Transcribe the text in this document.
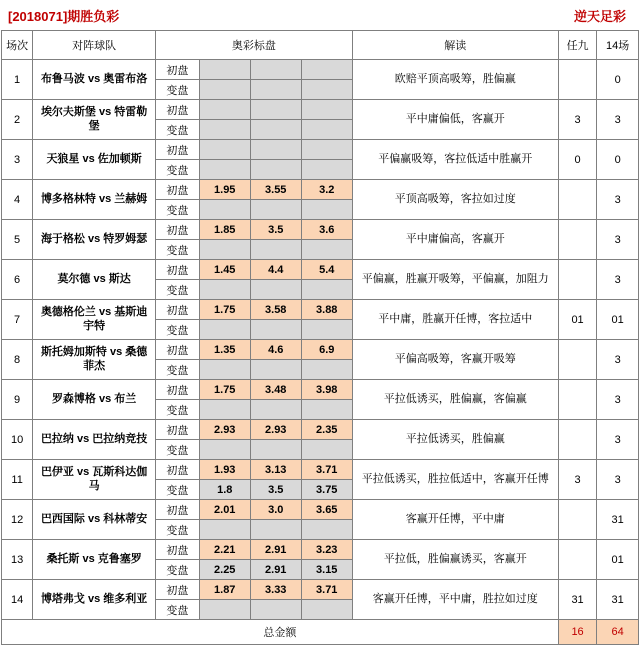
[2018071]期胜负彩	逆天足彩
场次	对阵球队	奥彩标盘				解读	任九	14场
1	布鲁马波 vs 奥雷布洛	初盘				欧赔平顶高吸筹，胜偏赢		0
		变盘						
2	埃尔夫斯堡 vs 特雷勒堡	初盘				平中庸偏低，客赢开	3	3
		变盘						
3	天狼星 vs 佐加顿斯	初盘				平偏赢吸筹，客拉低适中胜赢开	0	0
		变盘						
4	博多格林特 vs 兰赫姆	初盘	1.95	3.55	3.2	平顶高吸筹，客拉如过度		3
		变盘						
5	海于格松 vs 特罗姆瑟	初盘	1.85	3.5	3.6	平中庸偏高，客赢开		3
		变盘						
6	莫尔德 vs 斯达	初盘	1.45	4.4	5.4	平偏赢，胜赢开吸筹，平偏赢，加阻力		3
		变盘						
7	奥德格伦兰 vs 基斯迪宇特	初盘	1.75	3.58	3.88	平中庸，胜赢开任博，客拉适中	01	01
		变盘						
8	斯托姆加斯特 vs 桑德菲杰	初盘	1.35	4.6	6.9	平偏高吸筹，客赢开吸筹		3
		变盘						
9	罗森博格 vs 布兰	初盘	1.75	3.48	3.98	平拉低诱买，胜偏赢，客偏赢		3
		变盘						
10	巴拉纳 vs 巴拉纳竞技	初盘	2.93	2.93	2.35	平拉低诱买，胜偏赢		3
		变盘						
11	巴伊亚 vs 瓦斯科达伽马	初盘	1.93	3.13	3.71	平拉低诱买，胜拉低适中，客赢开任博	3	3
		变盘	1.8	3.5	3.75			
12	巴西国际 vs 科林蒂安	初盘	2.01	3.0	3.65	客赢开任博，平中庸		31
		变盘						
13	桑托斯 vs 克鲁塞罗	初盘	2.21	2.91	3.23	平拉低，胜偏赢诱买，客赢开		01
		变盘	2.25	2.91	3.15			
14	博塔弗戈 vs 维多利亚	初盘	1.87	3.33	3.71	客赢开任博，平中庸，胜拉如过度	31	31
		变盘						
总金额							16	64
